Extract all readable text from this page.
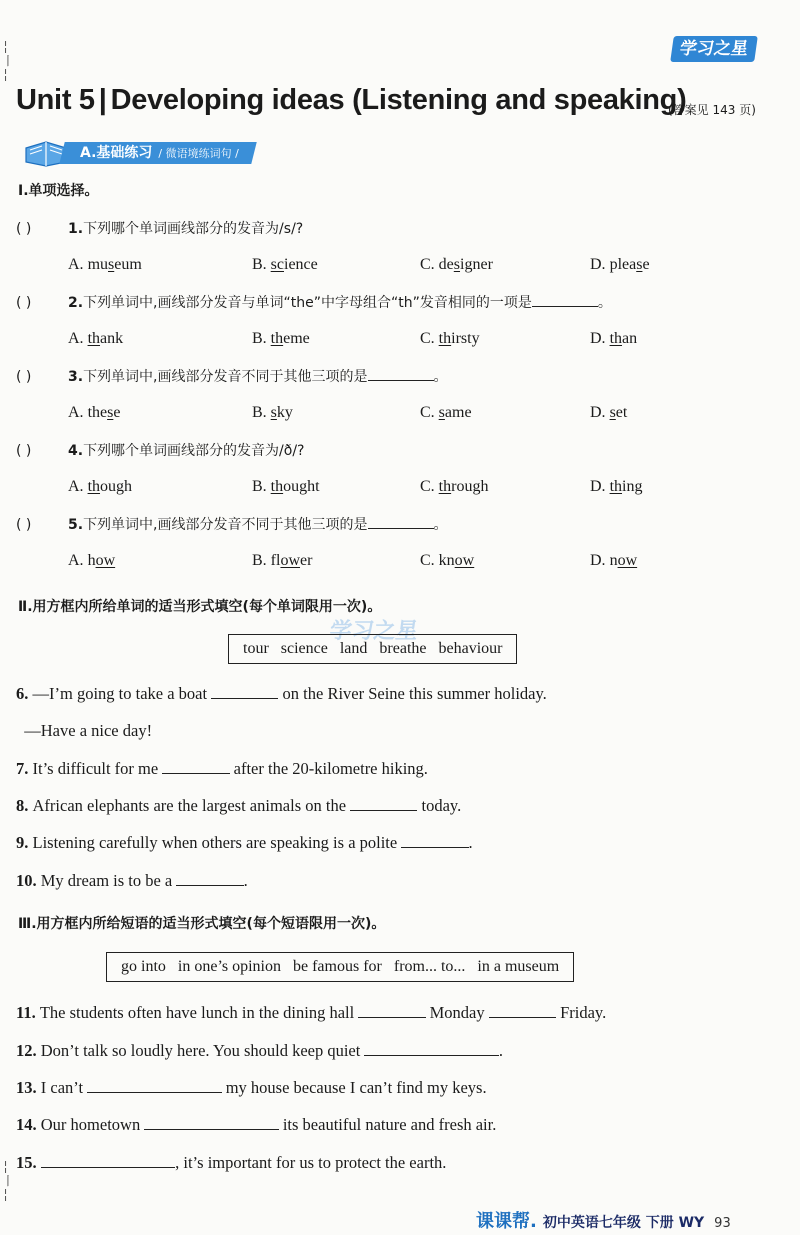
╎
丨
╎
╎
丨
╎
学习之星
Unit 5 | Developing ideas (Listening and speaking)
(答案见 143 页)
A.基础练习 / 微语境练词句 /
Ⅰ.单项选择。
( )	1.下列哪个单词画线部分的发音为/s/?
A. museum	B. science	C. designer	D. please
( )	2.下列单词中,画线部分发音与单词“the”中字母组合“th”发音相同的一项是	。
A. thank	B. theme	C. thirsty	D. than
( )	3.下列单词中,画线部分发音不同于其他三项的是	。
A. these	B. sky	C. same	D. set
( )	4.下列哪个单词画线部分的发音为/ð/?
A. though	B. thought	C. through	D. thing
( )	5.下列单词中,画线部分发音不同于其他三项的是	。
A. how	B. flower	C. know	D. now
Ⅱ.用方框内所给单词的适当形式填空(每个单词限用一次)。
学习之星
tour science land breathe behaviour
6. —I’m going to take a boat	on the River Seine this summer holiday.
—Have a nice day!
7. It’s difficult for me	after the 20-kilometre hiking.
8. African elephants are the largest animals on the	today.
9. Listening carefully when others are speaking is a polite	.
10. My dream is to be a	.
Ⅲ.用方框内所给短语的适当形式填空(每个短语限用一次)。
go into in one’s opinion be famous for from... to... in a museum
11. The students often have lunch in the dining hall	Monday	Friday.
12. Don’t talk so loudly here. You should keep quiet	.
13. I can’t	my house because I can’t find my keys.
14. Our hometown	its beautiful nature and fresh air.
15.	, it’s important for us to protect the earth.
课课帮. 初中英语七年级 下册 WY 93
